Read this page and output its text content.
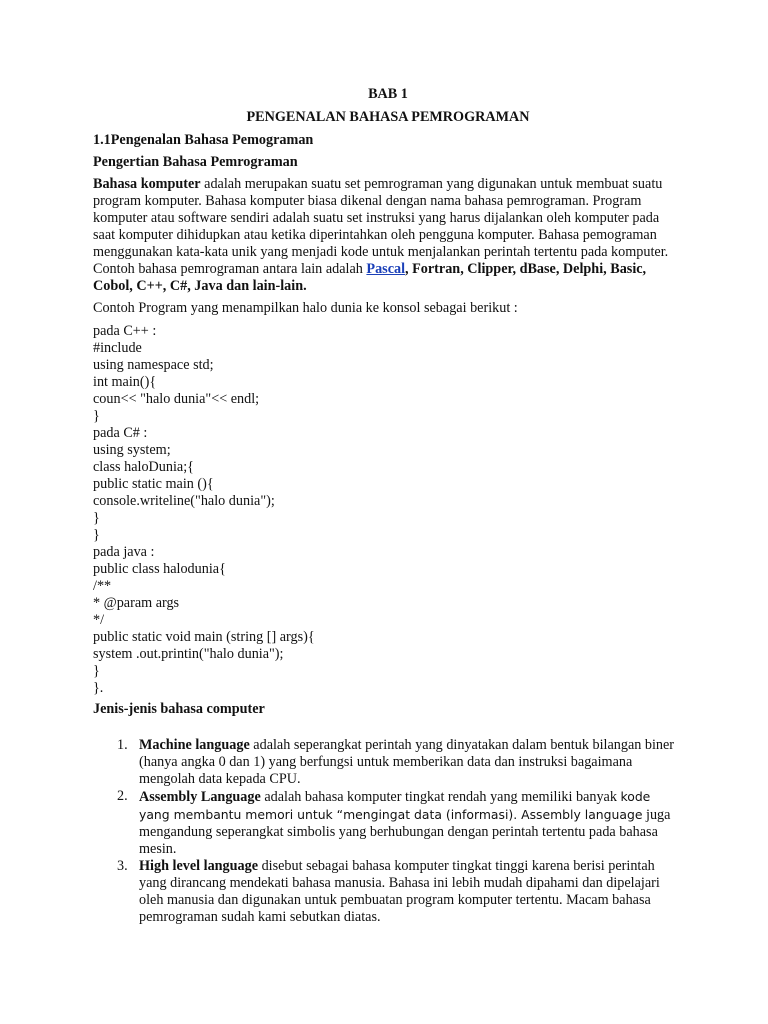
BAB 1

PENGENALAN BAHASA PEMROGRAMAN

1.1Pengenalan Bahasa Pemograman

Pengertian Bahasa Pemrograman

Bahasa komputer adalah merupakan suatu set pemrograman yang digunakan untuk membuat suatu program komputer. Bahasa komputer biasa dikenal dengan nama bahasa pemrograman. Program komputer atau software sendiri adalah suatu set instruksi yang harus dijalankan oleh komputer pada saat komputer dihidupkan atau ketika diperintahkan oleh pengguna komputer. Bahasa pemograman menggunakan kata-kata unik yang menjadi kode untuk menjalankan perintah tertentu pada komputer. Contoh bahasa pemrograman antara lain adalah Pascal, Fortran, Clipper, dBase, Delphi, Basic, Cobol, C++, C#, Java dan lain-lain.

Contoh Program yang menampilkan halo dunia ke konsol sebagai berikut :

pada C++ :
#include
using namespace std;
int main(){
coun<< "halo dunia"<< endl;
}
pada C# :
using system;
class haloDunia;{
public static main (){
console.writeline("halo dunia");
}
}
pada java :
public class halodunia{
/**
* @param args
*/
public static void main (string [] args){
system .out.printin("halo dunia");
}
}.

Jenis-jenis bahasa computer

1. Machine language adalah seperangkat perintah yang dinyatakan dalam bentuk bilangan biner (hanya angka 0 dan 1) yang berfungsi untuk memberikan data dan instruksi bagaimana mengolah data kepada CPU.
2. Assembly Language adalah bahasa komputer tingkat rendah yang memiliki banyak kode yang membantu memori untuk “mengingat data (informasi). Assembly language juga mengandung seperangkat simbolis yang berhubungan dengan perintah tertentu pada bahasa mesin.
3. High level language disebut sebagai bahasa komputer tingkat tinggi karena berisi perintah yang dirancang mendekati bahasa manusia. Bahasa ini lebih mudah dipahami dan dipelajari oleh manusia dan digunakan untuk pembuatan program komputer tertentu. Macam bahasa pemrograman sudah kami sebutkan diatas.
